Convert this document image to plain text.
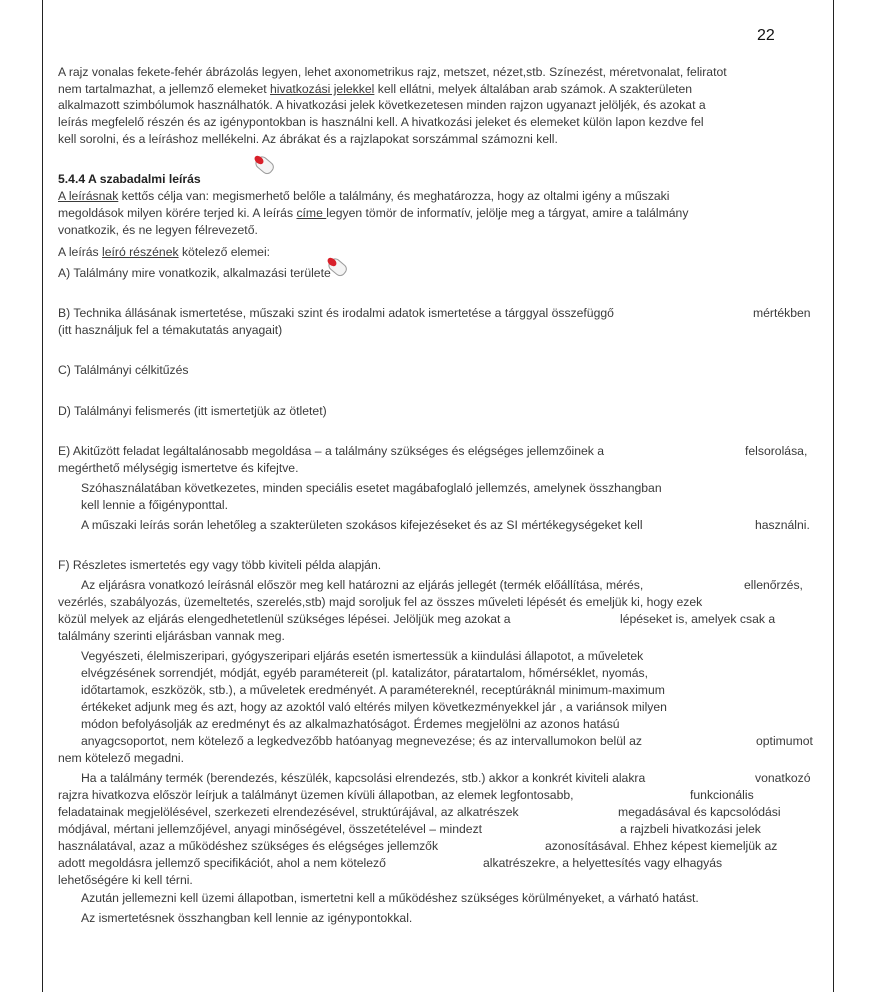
22
A rajz vonalas fekete-fehér ábrázolás legyen, lehet axonometrikus rajz, metszet, nézet,stb. Színezést, méretvonalat, feliratot
nem tartalmazhat, a jellemző elemeket hivatkozási jelekkel kell ellátni, melyek általában arab számok. A szakterületen
alkalmazott szimbólumok használhatók. A hivatkozási jelek következetesen minden rajzon ugyanazt jelöljék, és azokat a
leírás megfelelő részén és az igénypontokban is használni kell. A hivatkozási jeleket és elemeket külön lapon kezdve fel
kell sorolni, és a leíráshoz mellékelni. Az ábrákat és a rajzlapokat sorszámmal számozni kell.
5.4.4 A szabadalmi leírás
A leírásnak kettős célja van: megismerhető belőle a találmány, és meghatározza, hogy az oltalmi igény a műszaki
megoldások milyen körére terjed ki. A leírás címe legyen tömör de informatív, jelölje meg a tárgyat, amire a találmány
vonatkozik, és ne legyen félrevezető.
A leírás leíró részének kötelező elemei:
A) Találmány mire vonatkozik, alkalmazási területe
B) Technika állásának ismertetése, műszaki szint és irodalmi adatok ismertetése a tárggyal összefüggő	mértékben
(itt használjuk fel a témakutatás anyagait)
C) Találmányi célkitűzés
D) Találmányi felismerés (itt ismertetjük az ötletet)
E) Akitűzött feladat legáltalánosabb megoldása – a találmány szükséges és elégséges jellemzőinek a	felsorolása,
megérthető mélységig ismertetve és kifejtve.
Szóhasználatában következetes, minden speciális esetet magábafoglaló jellemzés, amelynek összhangban
kell lennie a főigényponttal.
A műszaki leírás során lehetőleg a szakterületen szokásos kifejezéseket és az SI mértékegységeket kell	használni.
F) Részletes ismertetés egy vagy több kiviteli példa alapján.
Az eljárásra vonatkozó leírásnál először meg kell határozni az eljárás jellegét (termék előállítása, mérés,	ellenőrzés,
vezérlés, szabályozás, üzemeltetés, szerelés,stb) majd soroljuk fel az összes műveleti lépését és emeljük ki, hogy ezek
közül melyek az eljárás elengedhetetlenül szükséges lépései. Jelöljük meg azokat a	lépéseket is, amelyek csak a
találmány szerinti eljárásban vannak meg.
Vegyészeti, élelmiszeripari, gyógyszeripari eljárás esetén ismertessük a kiindulási állapotot, a műveletek
elvégzésének sorrendjét, módját, egyéb paramétereit (pl. katalizátor, páratartalom, hőmérséklet, nyomás,
időtartamok, eszközök, stb.), a műveletek eredményét. A paramétereknél, receptúráknál minimum-maximum
értékeket adjunk meg és azt, hogy az azoktól való eltérés milyen következményekkel jár , a variánsok milyen
módon befolyásolják az eredményt és az alkalmazhatóságot. Érdemes megjelölni az azonos hatású
anyagcsoportot, nem kötelező a legkedvezőbb hatóanyag megnevezése; és az intervallumokon belül az	optimumot
nem kötelező megadni.
Ha a találmány termék (berendezés, készülék, kapcsolási elrendezés, stb.) akkor a konkrét kiviteli alakra	vonatkozó
rajzra hivatkozva először leírjuk a találmányt üzemen kívüli állapotban, az elemek legfontosabb,	funkcionális
feladatainak megjelölésével, szerkezeti elrendezésével, struktúrájával, az alkatrészek	megadásával és kapcsolódási
módjával, mértani jellemzőjével, anyagi minőségével, összetételével – mindezt	a rajzbeli hivatkozási jelek
használatával, azaz a működéshez szükséges és elégséges jellemzők	azonosításával. Ehhez képest kiemeljük az
adott megoldásra jellemző specifikációt, ahol a nem kötelező	alkatrészekre, a helyettesítés vagy elhagyás
lehetőségére ki kell térni.
Azután jellemezni kell üzemi állapotban, ismertetni kell a működéshez szükséges körülményeket, a várható hatást.
Az ismertetésnek összhangban kell lennie az igénypontokkal.
